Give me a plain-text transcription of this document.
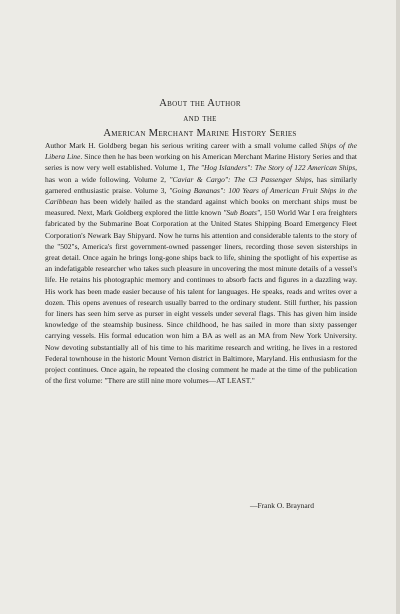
About the Author
and the
American Merchant Marine History Series
Author Mark H. Goldberg began his serious writing career with a small volume called Ships of the Libera Line. Since then he has been working on his American Merchant Marine History Series and that series is now very well established. Volume 1, The "Hog Islanders": The Story of 122 American Ships, has won a wide following. Volume 2, "Caviar & Cargo": The C3 Passenger Ships, has similarly garnered enthusiastic praise. Volume 3, "Going Bananas": 100 Years of American Fruit Ships in the Caribbean has been widely hailed as the standard against which books on merchant ships must be measured. Next, Mark Goldberg explored the little known "Sub Boats", 150 World War I era freighters fabricated by the Submarine Boat Corporation at the United States Shipping Board Emergency Fleet Corporation's Newark Bay Shipyard. Now he turns his attention and considerable talents to the story of the "502"s, America's first government-owned passenger liners, recording those seven sisterships in great detail. Once again he brings long-gone ships back to life, shining the spotlight of his expertise as an indefatigable researcher who takes such pleasure in uncovering the most minute details of a vessel's life. He retains his photographic memory and continues to absorb facts and figures in a dazzling way. His work has been made easier because of his talent for languages. He speaks, reads and writes over a dozen. This opens avenues of research usually barred to the ordinary student. Still further, his passion for liners has seen him serve as purser in eight vessels under several flags. This has given him inside knowledge of the steamship business. Since childhood, he has sailed in more than sixty passenger carrying vessels. His formal education won him a BA as well as an MA from New York University. Now devoting substantially all of his time to his maritime research and writing, he lives in a restored Federal townhouse in the historic Mount Vernon district in Baltimore, Maryland. His enthusiasm for the project continues. Once again, he repeated the closing comment he made at the time of the publication of the first volume: "There are still nine more volumes—AT LEAST."
—Frank O. Braynard
